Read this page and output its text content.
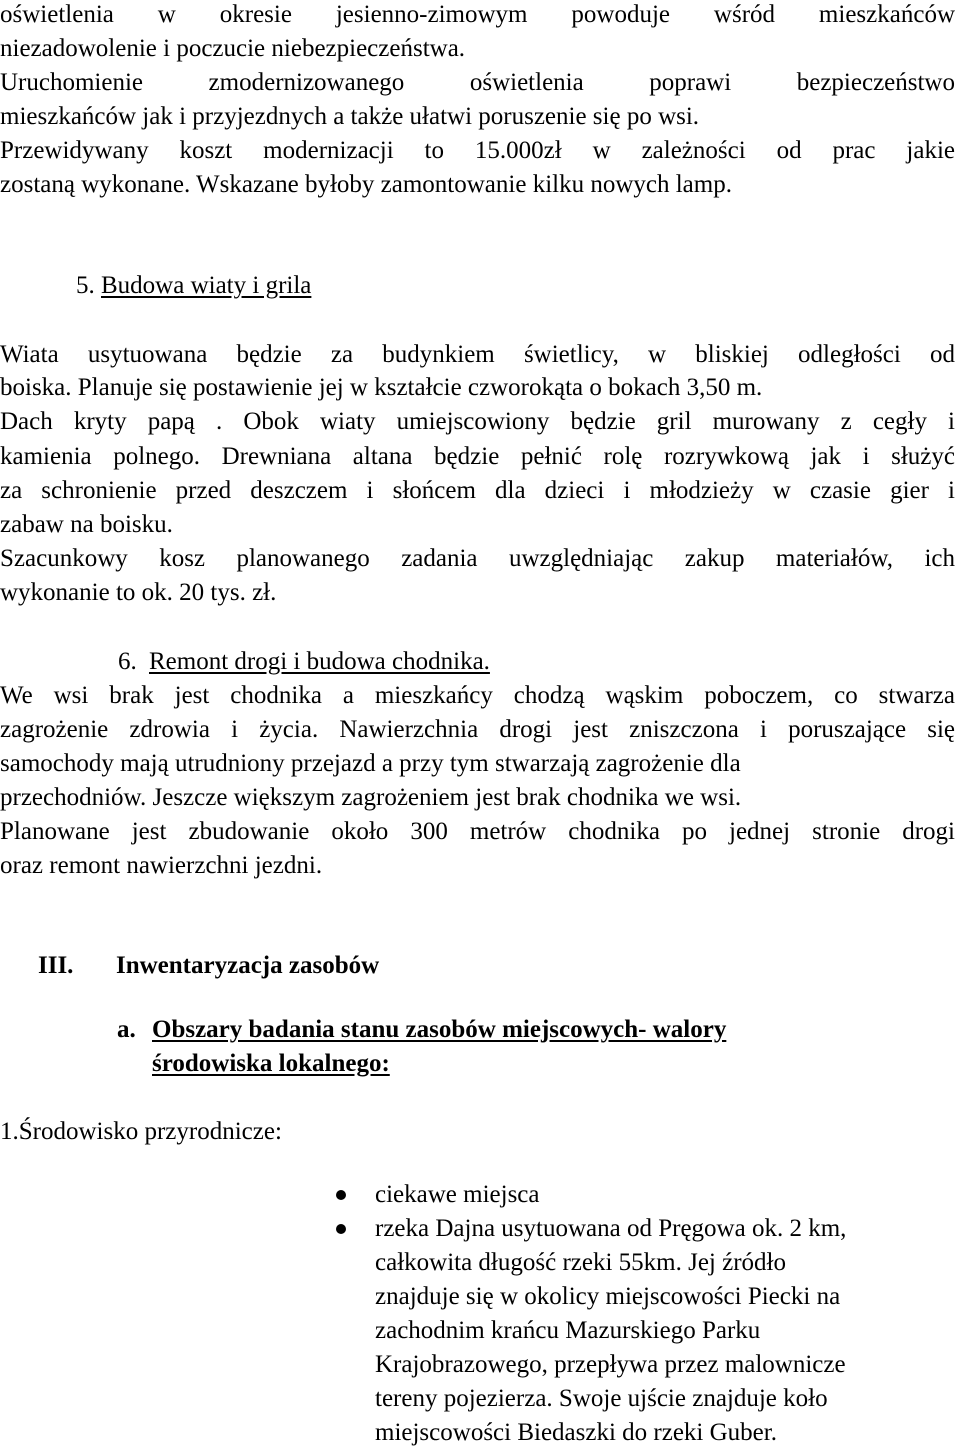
oświetlenia w okresie jesienno-zimowym powoduje wśród mieszkańców
niezadowolenie i poczucie niebezpieczeństwa.
Uruchomienie zmodernizowanego oświetlenia poprawi bezpieczeństwo
mieszkańców jak i przyjezdnych a także ułatwi poruszenie się po wsi.
Przewidywany koszt modernizacji to 15.000zł w zależności od prac jakie
zostaną wykonane. Wskazane byłoby zamontowanie kilku nowych lamp.
5. Budowa wiaty i grila
Wiata usytuowana będzie za budynkiem świetlicy, w bliskiej odległości od
boiska. Planuje się postawienie jej w kształcie czworokąta o bokach 3,50 m.
Dach kryty papą . Obok wiaty umiejscowiony będzie gril murowany z cegły i
kamienia polnego. Drewniana altana będzie pełnić rolę rozrywkową jak i służyć
za schronienie przed deszczem i słońcem dla dzieci i młodzieży w czasie gier i
zabaw na boisku.
Szacunkowy kosz planowanego zadania uwzględniając zakup materiałów, ich
wykonanie to ok. 20 tys. zł.
6. Remont drogi i budowa chodnika.
We wsi brak jest chodnika a mieszkańcy chodzą wąskim poboczem, co stwarza
zagrożenie zdrowia i życia. Nawierzchnia drogi jest zniszczona i poruszające się
samochody mają utrudniony przejazd a przy tym stwarzają zagrożenie dla
przechodniów. Jeszcze większym zagrożeniem jest brak chodnika we wsi.
Planowane jest zbudowanie około 300 metrów chodnika po jednej stronie drogi
oraz remont nawierzchni jezdni.
III. Inwentaryzacja zasobów
a. Obszary badania stanu zasobów miejscowych- walory
środowiska lokalnego:
1.Środowisko przyrodnicze:
ciekawe miejsca
rzeka Dajna usytuowana od Pręgowa ok. 2 km,
całkowita długość rzeki 55km. Jej źródło
znajduje się w okolicy miejscowości Piecki na
zachodnim krańcu Mazurskiego Parku
Krajobrazowego, przepływa przez malownicze
tereny pojezierza. Swoje ujście znajduje koło
miejscowości Biedaszki do rzeki Guber.
